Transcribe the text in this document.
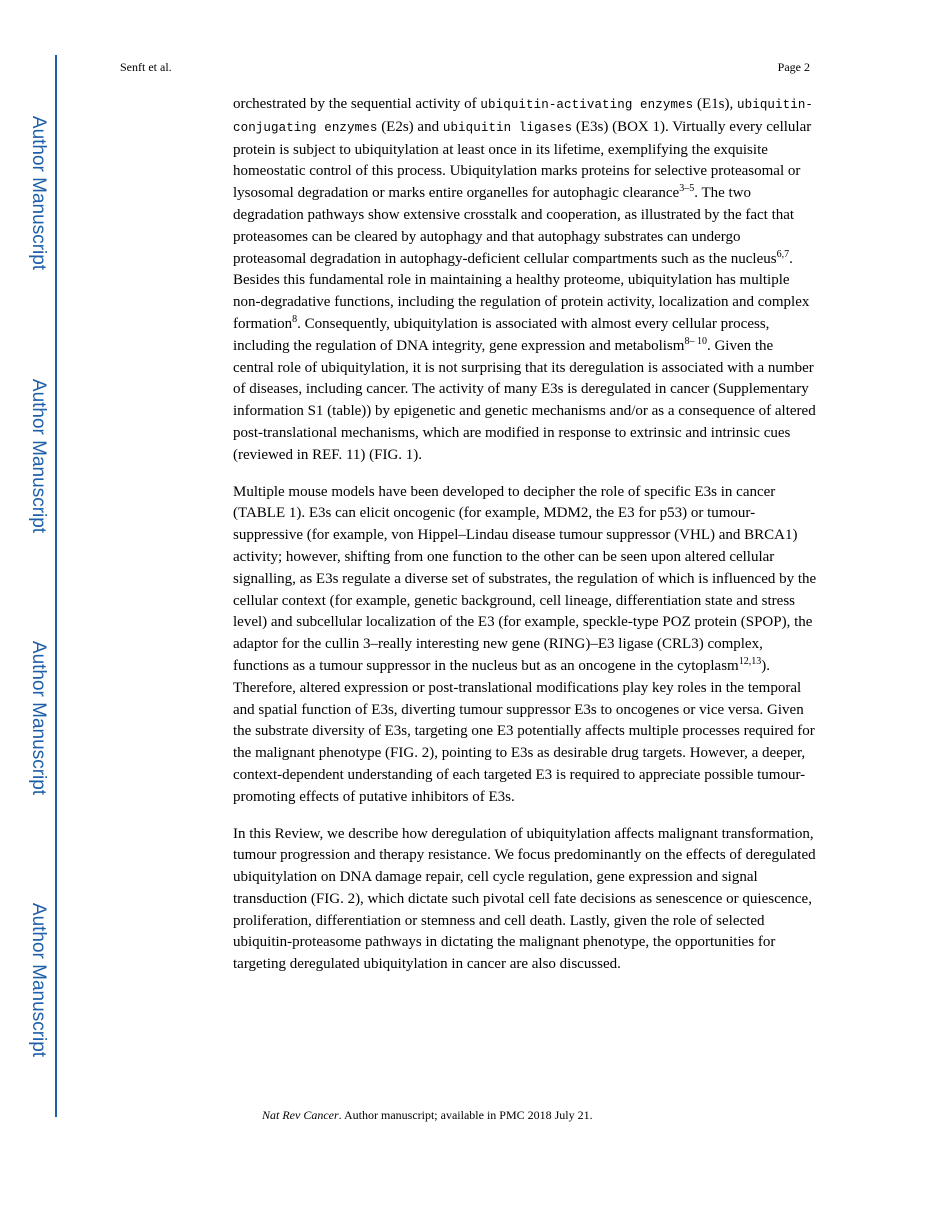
Author Manuscript
Author Manuscript
Author Manuscript
Author Manuscript
Senft et al.	Page 2

orchestrated by the sequential activity of ubiquitin-activating enzymes (E1s), ubiquitin-conjugating enzymes (E2s) and ubiquitin ligases (E3s) (BOX 1). Virtually every cellular protein is subject to ubiquitylation at least once in its lifetime, exemplifying the exquisite homeostatic control of this process. Ubiquitylation marks proteins for selective proteasomal or lysosomal degradation or marks entire organelles for autophagic clearance$^{3-5}$. The two degradation pathways show extensive crosstalk and cooperation, as illustrated by the fact that proteasomes can be cleared by autophagy and that autophagy substrates can undergo proteasomal degradation in autophagy-deficient cellular compartments such as the nucleus$^{6,7}$. Besides this fundamental role in maintaining a healthy proteome, ubiquitylation has multiple non-degradative functions, including the regulation of protein activity, localization and complex formation$^8$. Consequently, ubiquitylation is associated with almost every cellular process, including the regulation of DNA integrity, gene expression and metabolism$^{8- 10}$. Given the central role of ubiquitylation, it is not surprising that its deregulation is associated with a number of diseases, including cancer. The activity of many E3s is deregulated in cancer (Supplementary information S1 (table)) by epigenetic and genetic mechanisms and/or as a consequence of altered post-translational mechanisms, which are modified in response to extrinsic and intrinsic cues (reviewed in REF. 11) (FIG. 1).

Multiple mouse models have been developed to decipher the role of specific E3s in cancer (TABLE 1). E3s can elicit oncogenic (for example, MDM2, the E3 for p53) or tumour-suppressive (for example, von Hippel–Lindau disease tumour suppressor (VHL) and BRCA1) activity; however, shifting from one function to the other can be seen upon altered cellular signalling, as E3s regulate a diverse set of substrates, the regulation of which is influenced by the cellular context (for example, genetic background, cell lineage, differentiation state and stress level) and subcellular localization of the E3 (for example, speckle-type POZ protein (SPOP), the adaptor for the cullin 3–really interesting new gene (RING)–E3 ligase (CRL3) complex, functions as a tumour suppressor in the nucleus but as an oncogene in the cytoplasm$^{12,13}$). Therefore, altered expression or post-translational modifications play key roles in the temporal and spatial function of E3s, diverting tumour suppressor E3s to oncogenes or vice versa. Given the substrate diversity of E3s, targeting one E3 potentially affects multiple processes required for the malignant phenotype (FIG. 2), pointing to E3s as desirable drug targets. However, a deeper, context-dependent understanding of each targeted E3 is required to appreciate possible tumour-promoting effects of putative inhibitors of E3s.

In this Review, we describe how deregulation of ubiquitylation affects malignant transformation, tumour progression and therapy resistance. We focus predominantly on the effects of deregulated ubiquitylation on DNA damage repair, cell cycle regulation, gene expression and signal transduction (FIG. 2), which dictate such pivotal cell fate decisions as senescence or quiescence, proliferation, differentiation or stemness and cell death. Lastly, given the role of selected ubiquitin-proteasome pathways in dictating the malignant phenotype, the opportunities for targeting deregulated ubiquitylation in cancer are also discussed.

Nat Rev Cancer. Author manuscript; available in PMC 2018 July 21.
